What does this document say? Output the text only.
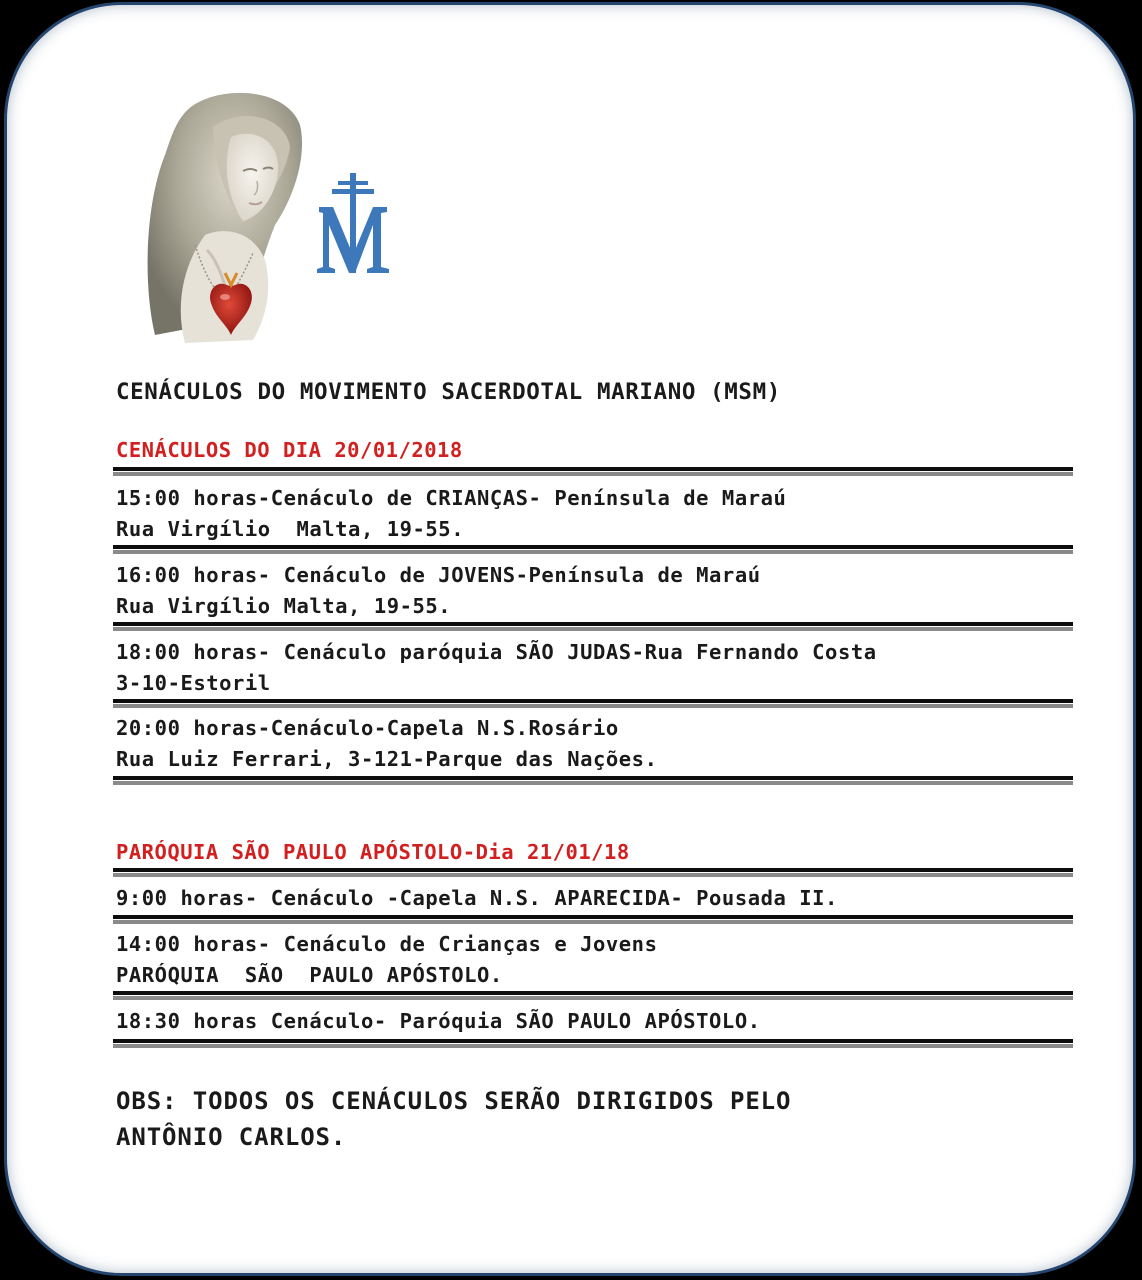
CENÁCULOS DO MOVIMENTO SACERDOTAL MARIANO (MSM)
CENÁCULOS DO DIA 20/01/2018
15:00 horas-Cenáculo de CRIANÇAS- Península de Maraú
Rua Virgílio  Malta, 19-55.
16:00 horas- Cenáculo de JOVENS-Península de Maraú
Rua Virgílio Malta, 19-55.
18:00 horas- Cenáculo paróquia SÃO JUDAS-Rua Fernando Costa
3-10-Estoril
20:00 horas-Cenáculo-Capela N.S.Rosário
Rua Luiz Ferrari, 3-121-Parque das Nações.
PARÓQUIA SÃO PAULO APÓSTOLO-Dia 21/01/18
9:00 horas- Cenáculo -Capela N.S. APARECIDA- Pousada II.
14:00 horas- Cenáculo de Crianças e Jovens
PARÓQUIA  SÃO  PAULO APÓSTOLO.
18:30 horas Cenáculo- Paróquia SÃO PAULO APÓSTOLO.
OBS: TODOS OS CENÁCULOS SERÃO DIRIGIDOS PELO
ANTÔNIO CARLOS.
